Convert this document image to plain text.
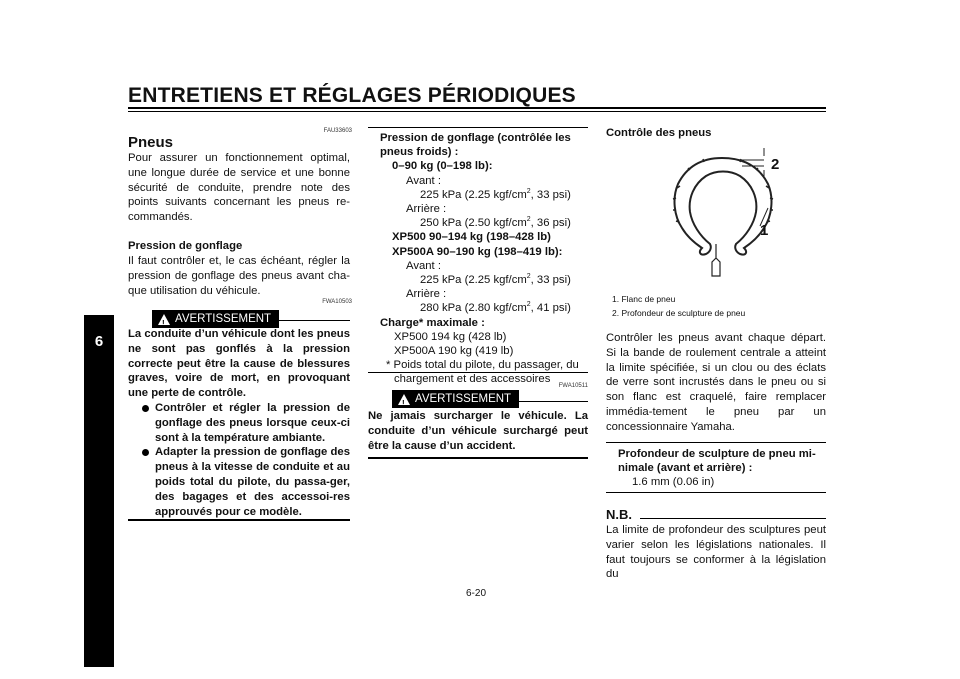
ENTRETIENS ET RÉGLAGES PÉRIODIQUES
6
FAU33603
Pneus
Pour assurer un fonctionnement optimal, une longue durée de service et une bonne sécurité de conduite, prendre note des points suivants concernant les pneus re-commandés.
Pression de gonflage
Il faut contrôler et, le cas échéant, régler la pression de gonflage des pneus avant cha-que utilisation du véhicule.
FWA10503
!
AVERTISSEMENT
La conduite d’un véhicule dont les pneus ne sont pas gonflés à la pression correcte peut être la cause de blessures graves, voire de mort, en provoquant une perte de contrôle.
Contrôler et régler la pression de gonflage des pneus lorsque ceux-ci sont à la température ambiante.
Adapter la pression de gonflage des pneus à la vitesse de conduite et au poids total du pilote, du passa-ger, des bagages et des accessoi-res approuvés pour ce modèle.
Pression de gonflage (contrôlée les pneus froids) :
0–90 kg (0–198 lb):
Avant :
225 kPa (2.25 kgf/$cm^2$, 33 psi)
Arrière :
250 kPa (2.50 kgf/$cm^2$, 36 psi)
XP500 90–194 kg (198–428 lb)
XP500A 90–190 kg (198–419 lb):
Avant :
225 kPa (2.25 kgf/$cm^2$, 33 psi)
Arrière :
280 kPa (2.80 kgf/$cm^2$, 41 psi)
Charge* maximale :
XP500 194 kg (428 lb)
XP500A 190 kg (419 lb)
* Poids total du pilote, du passager, du chargement et des accessoires
FWA10511
!
AVERTISSEMENT
Ne jamais surcharger le véhicule. La conduite d’un véhicule surchargé peut être la cause d’un accident.
Contrôle des pneus
2
1
1. Flanc de pneu
2. Profondeur de sculpture de pneu
Contrôler les pneus avant chaque départ. Si la bande de roulement centrale a atteint la limite spécifiée, si un clou ou des éclats de verre sont incrustés dans le pneu ou si son flanc est craquelé, faire remplacer immédia-tement le pneu par un concessionnaire Yamaha.
Profondeur de sculpture de pneu mi-nimale (avant et arrière) :
1.6 mm (0.06 in)
N.B.
La limite de profondeur des sculptures peut varier selon les législations nationales. Il faut toujours se conformer à la législation du
6-20
